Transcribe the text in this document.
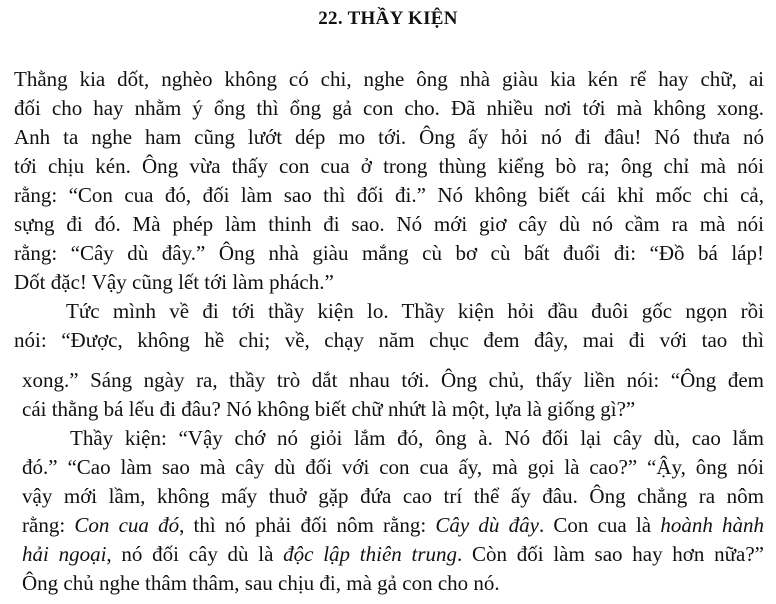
22. THẦY KIỆN

Thằng kia dốt, nghèo không có chi, nghe ông nhà giàu kia kén rể hay chữ, ai

đối cho hay nhằm ý ổng thì ổng gả con cho. Đã nhiều nơi tới mà không xong.

Anh ta nghe ham cũng lướt dép mo tới. Ông ấy hỏi nó đi đâu! Nó thưa nó

tới chịu kén. Ông vừa thấy con cua ở trong thùng kiểng bò ra; ông chỉ mà nói

rằng: “Con cua đó, đối làm sao thì đối đi.” Nó không biết cái khỉ mốc chi cả,

sựng đi đó. Mà phép làm thinh đi sao. Nó mới giơ cây dù nó cầm ra mà nói

rằng: “Cây dù đây.” Ông nhà giàu mắng cù bơ cù bất đuổi đi: “Đồ bá láp!

Dốt đặc! Vậy cũng lết tới làm phách.”

Tức mình về đi tới thầy kiện lo. Thầy kiện hỏi đầu đuôi gốc ngọn rồi

nói: “Được, không hề chi; về, chạy năm chục đem đây, mai đi với tao thì

xong.” Sáng ngày ra, thầy trò dắt nhau tới. Ông chủ, thấy liền nói: “Ông đem

cái thằng bá lếu đi đâu? Nó không biết chữ nhứt là một, lựa là giống gì?”

Thầy kiện: “Vậy chớ nó giỏi lắm đó, ông à. Nó đối lại cây dù, cao lắm

đó.” “Cao làm sao mà cây dù đối với con cua ấy, mà gọi là cao?” “Ậy, ông nói

vậy mới lầm, không mấy thuở gặp đứa cao trí thể ấy đâu. Ông chẳng ra nôm

rằng: Con cua đó, thì nó phải đối nôm rằng: Cây dù đây. Con cua là hoành hành

hải ngoại, nó đối cây dù là độc lập thiên trung. Còn đối làm sao hay hơn nữa?”

Ông chủ nghe thâm thâm, sau chịu đi, mà gả con cho nó.
